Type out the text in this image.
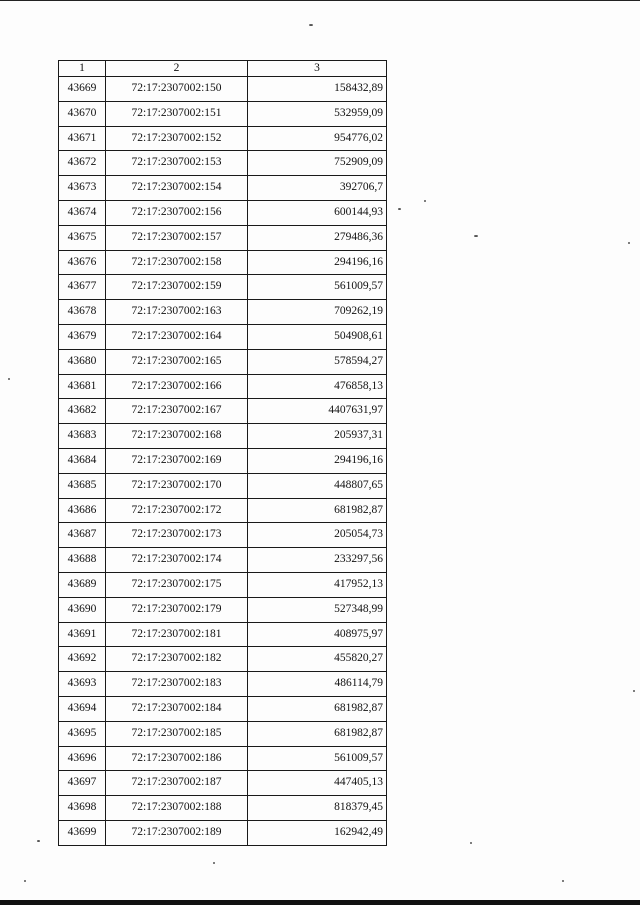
1	2	3
43669	72:17:2307002:150	158432,89
43670	72:17:2307002:151	532959,09
43671	72:17:2307002:152	954776,02
43672	72:17:2307002:153	752909,09
43673	72:17:2307002:154	392706,7
43674	72:17:2307002:156	600144,93
43675	72:17:2307002:157	279486,36
43676	72:17:2307002:158	294196,16
43677	72:17:2307002:159	561009,57
43678	72:17:2307002:163	709262,19
43679	72:17:2307002:164	504908,61
43680	72:17:2307002:165	578594,27
43681	72:17:2307002:166	476858,13
43682	72:17:2307002:167	4407631,97
43683	72:17:2307002:168	205937,31
43684	72:17:2307002:169	294196,16
43685	72:17:2307002:170	448807,65
43686	72:17:2307002:172	681982,87
43687	72:17:2307002:173	205054,73
43688	72:17:2307002:174	233297,56
43689	72:17:2307002:175	417952,13
43690	72:17:2307002:179	527348,99
43691	72:17:2307002:181	408975,97
43692	72:17:2307002:182	455820,27
43693	72:17:2307002:183	486114,79
43694	72:17:2307002:184	681982,87
43695	72:17:2307002:185	681982,87
43696	72:17:2307002:186	561009,57
43697	72:17:2307002:187	447405,13
43698	72:17:2307002:188	818379,45
43699	72:17:2307002:189	162942,49
